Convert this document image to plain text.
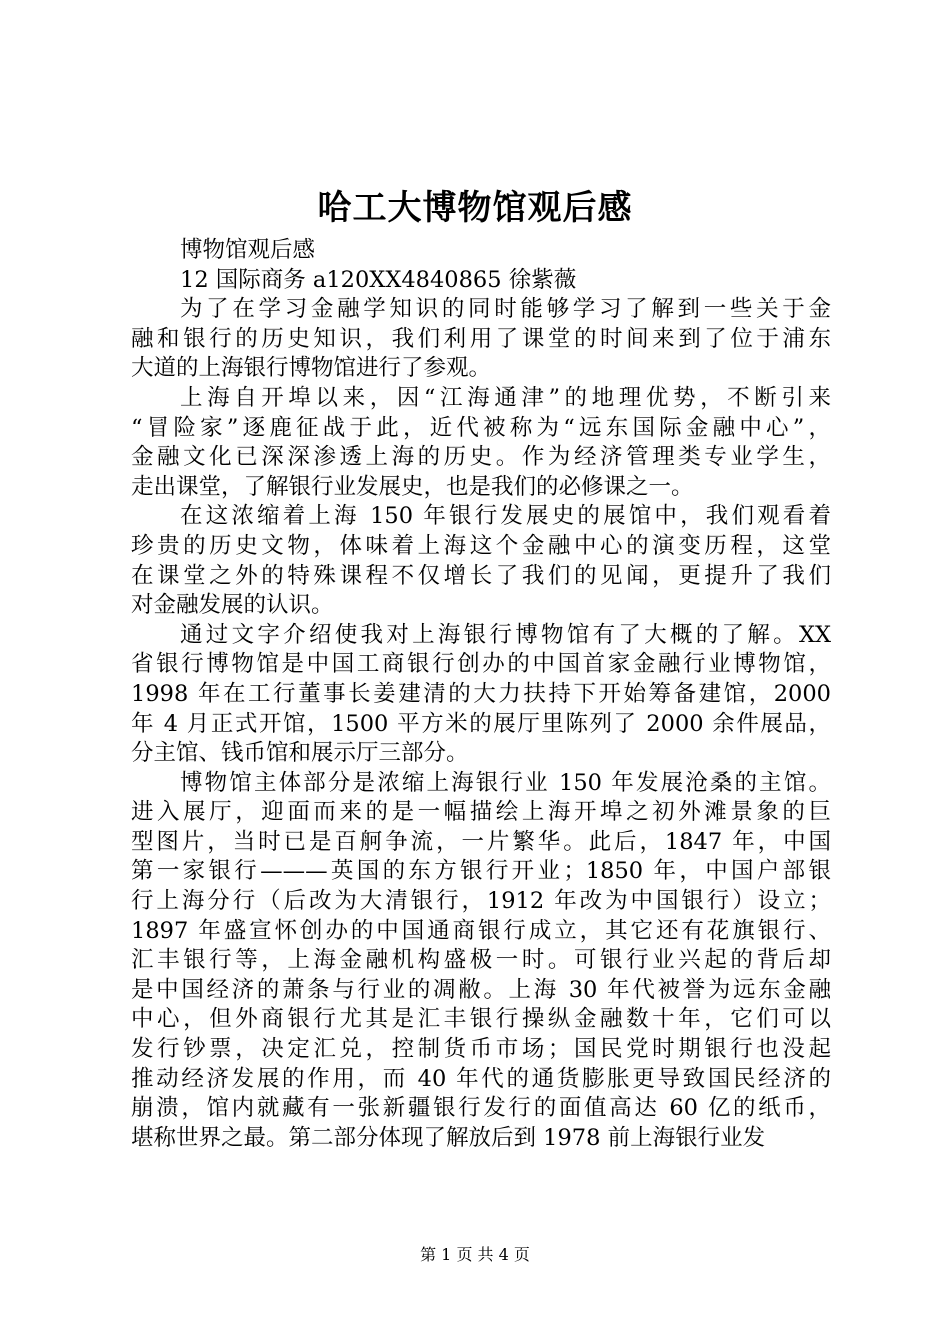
哈工大博物馆观后感
博物馆观后感
12 国际商务 a120XX4840865 徐紫薇
为了在学习金融学知识的同时能够学习了解到一些关于金
融和银行的历史知识，我们利用了课堂的时间来到了位于浦东
大道的上海银行博物馆进行了参观。
上海自开埠以来，因“江海通津”的地理优势，不断引来
“冒险家”逐鹿征战于此，近代被称为“远东国际金融中心”，
金融文化已深深渗透上海的历史。作为经济管理类专业学生，
走出课堂，了解银行业发展史，也是我们的必修课之一。
在这浓缩着上海 150 年银行发展史的展馆中，我们观看着
珍贵的历史文物，体味着上海这个金融中心的演变历程，这堂
在课堂之外的特殊课程不仅增长了我们的见闻，更提升了我们
对金融发展的认识。
通过文字介绍使我对上海银行博物馆有了大概的了解。XX
省银行博物馆是中国工商银行创办的中国首家金融行业博物馆，
1998 年在工行董事长姜建清的大力扶持下开始筹备建馆，2000
年 4 月正式开馆，1500 平方米的展厅里陈列了 2000 余件展品，
分主馆、钱币馆和展示厅三部分。
博物馆主体部分是浓缩上海银行业 150 年发展沧桑的主馆。
进入展厅，迎面而来的是一幅描绘上海开埠之初外滩景象的巨
型图片，当时已是百舸争流，一片繁华。此后，1847 年，中国
第一家银行———英国的东方银行开业；1850 年，中国户部银
行上海分行（后改为大清银行，1912 年改为中国银行）设立；
1897 年盛宣怀创办的中国通商银行成立，其它还有花旗银行、
汇丰银行等，上海金融机构盛极一时。可银行业兴起的背后却
是中国经济的萧条与行业的凋敝。上海 30 年代被誉为远东金融
中心，但外商银行尤其是汇丰银行操纵金融数十年，它们可以
发行钞票，决定汇兑，控制货币市场；国民党时期银行也没起
推动经济发展的作用，而 40 年代的通货膨胀更导致国民经济的
崩溃，馆内就藏有一张新疆银行发行的面值高达 60 亿的纸币，
堪称世界之最。第二部分体现了解放后到 1978 前上海银行业发
第 1 页 共 4 页
